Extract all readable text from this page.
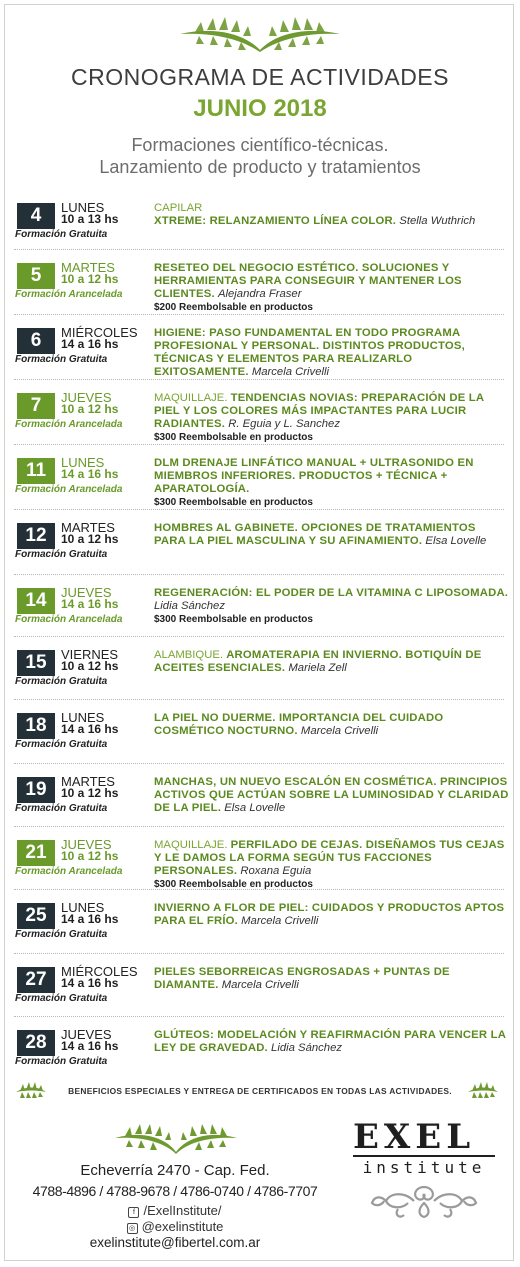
CRONOGRAMA DE ACTIVIDADES
JUNIO 2018
Formaciones científico-técnicas.
Lanzamiento de producto y tratamientos
4	LUNES
10 a 13 hs
Formación Gratuita
CAPILAR
XTREME: RELANZAMIENTO LÍNEA COLOR. Stella Wuthrich
5	MARTES
10 a 12 hs
Formación Arancelada
RESETEO DEL NEGOCIO ESTÉTICO. SOLUCIONES Y HERRAMIENTAS PARA CONSEGUIR Y MANTENER LOS CLIENTES. Alejandra Fraser
$200 Reembolsable en productos
6	MIÉRCOLES
14 a 16 hs
Formación Gratuita
HIGIENE: PASO FUNDAMENTAL EN TODO PROGRAMA PROFESIONAL Y PERSONAL. DISTINTOS PRODUCTOS, TÉCNICAS Y ELEMENTOS PARA REALIZARLO EXITOSAMENTE. Marcela Crivelli
7	JUEVES
10 a 12 hs
Formación Arancelada
MAQUILLAJE. TENDENCIAS NOVIAS: PREPARACIÓN DE LA PIEL Y LOS COLORES MÁS IMPACTANTES PARA LUCIR RADIANTES. R. Eguia y L. Sanchez
$300 Reembolsable en productos
11	LUNES
14 a 16 hs
Formación Arancelada
DLM DRENAJE LINFÁTICO MANUAL + ULTRASONIDO EN MIEMBROS INFERIORES. PRODUCTOS + TÉCNICA + APARATOLOGÍA.
$300 Reembolsable en productos
12	MARTES
10 a 12 hs
Formación Gratuita
HOMBRES AL GABINETE. OPCIONES DE TRATAMIENTOS PARA LA PIEL MASCULINA Y SU AFINAMIENTO. Elsa Lovelle
14	JUEVES
14 a 16 hs
Formación Arancelada
REGENERACIÓN: EL PODER DE LA VITAMINA C LIPOSOMADA. Lidia Sánchez
$300 Reembolsable en productos
15	VIERNES
10 a 12 hs
Formación Gratuita
ALAMBIQUE. AROMATERAPIA EN INVIERNO. BOTIQUÍN DE ACEITES ESENCIALES. Mariela Zell
18	LUNES
14 a 16 hs
Formación Gratuita
LA PIEL NO DUERME. IMPORTANCIA DEL CUIDADO COSMÉTICO NOCTURNO. Marcela Crivelli
19	MARTES
10 a 12 hs
Formación Gratuita
MANCHAS, UN NUEVO ESCALÓN EN COSMÉTICA. PRINCIPIOS ACTIVOS QUE ACTÚAN SOBRE LA LUMINOSIDAD Y CLARIDAD DE LA PIEL. Elsa Lovelle
21	JUEVES
10 a 12 hs
Formación Arancelada
MAQUILLAJE. PERFILADO DE CEJAS. DISEÑAMOS TUS CEJAS Y LE DAMOS LA FORMA SEGÚN TUS FACCIONES PERSONALES. Roxana Eguia
$300 Reembolsable en productos
25	LUNES
14 a 16 hs
Formación Gratuita
INVIERNO A FLOR DE PIEL: CUIDADOS Y PRODUCTOS APTOS PARA EL FRÍO. Marcela Crivelli
27	MIÉRCOLES
14 a 16 hs
Formación Gratuita
PIELES SEBORREICAS ENGROSADAS + PUNTAS DE DIAMANTE. Marcela Crivelli
28	JUEVES
14 a 16 hs
Formación Gratuita
GLÚTEOS: MODELACIÓN Y REAFIRMACIÓN PARA VENCER LA LEY DE GRAVEDAD. Lidia Sánchez
BENEFICIOS ESPECIALES Y ENTREGA DE CERTIFICADOS EN TODAS LAS ACTIVIDADES.
Echeverría 2470 - Cap. Fed.
4788-4896 / 4788-9678 / 4786-0740 / 4786-7707
f /ExelInstitute/
◎ @exelinstitute
exelinstitute@fibertel.com.ar
EXEL
institute
